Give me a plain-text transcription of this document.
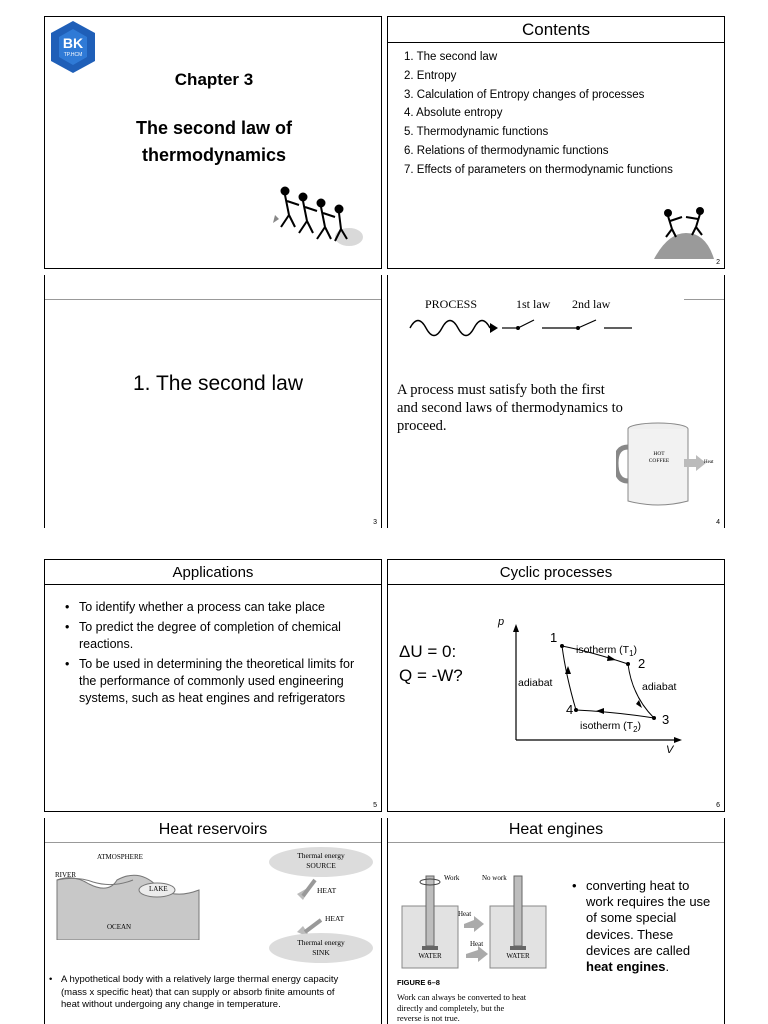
BK
TP.HCM
Chapter 3
The second law of
thermodynamics
Contents
1. The second law
2. Entropy
3. Calculation of Entropy changes of processes
4. Absolute entropy
5. Thermodynamic functions
6. Relations of thermodynamic functions
7. Effects of parameters on thermodynamic functions
2
1. The second law
3
PROCESS	1st law 2nd law
A process must satisfy both the first
and second laws of thermodynamics to
proceed.
HOT
COFFEE	Heat
4
Applications
• To identify whether a process can take place
• To predict the degree of completion of chemical reactions.
• To be used in determining the theoretical limits for the performance of commonly used engineering systems, such as heat engines and refrigerators
5
Cyclic processes
ΔU = 0:
Q = -W?
p
V
1
2
3
4
isotherm $(T_1)$
isotherm $(T_2)$
adiabat	adiabat
6
Heat reservoirs
ATMOSPHERE
RIVER
LAKE
OCEAN
Thermal energy
SOURCE
HEAT
HEAT
Thermal energy
SINK
• A hypothetical body with a relatively large thermal energy capacity (mass x specific heat) that can supply or absorb finite amounts of heat without undergoing any change in temperature.
Heat engines
Work	No work
Heat
Heat
WATER	WATER
FIGURE 6–8
Work can always be converted to heat
directly and completely, but the
reverse is not true.
• converting heat to work requires the use of some special devices. These devices are called heat engines.
